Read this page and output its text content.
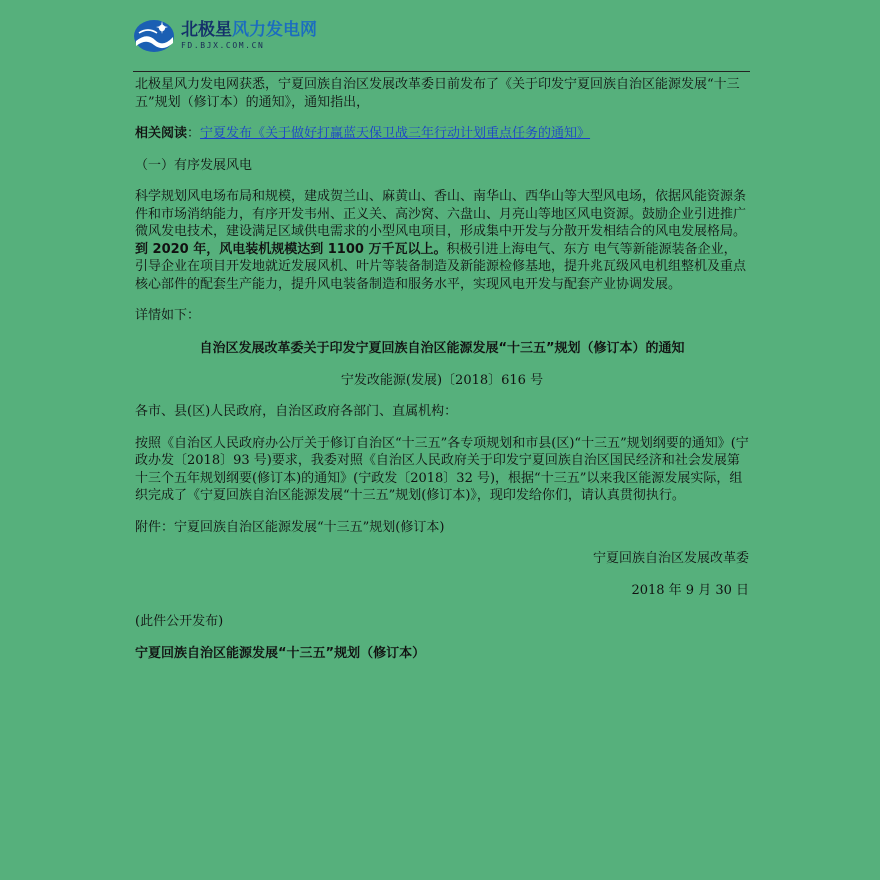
北极星风力发电网
FD.BJX.COM.CN

北极星风力发电网获悉，宁夏回族自治区发展改革委日前发布了《关于印发宁夏回族自治区能源发展“十三五”规划（修订本）的通知》，通知指出，

相关阅读：宁夏发布《关于做好打赢蓝天保卫战三年行动计划重点任务的通知》

（一）有序发展风电

科学规划风电场布局和规模，建成贺兰山、麻黄山、香山、南华山、西华山等大型风电场，依据风能资源条件和市场消纳能力，有序开发韦州、正义关、高沙窝、六盘山、月亮山等地区风电资源。鼓励企业引进推广微风发电技术，建设满足区域供电需求的小型风电项目，形成集中开发与分散开发相结合的风电发展格局。到 2020 年，风电装机规模达到 1100 万千瓦以上。积极引进上海电气、东方 电气等新能源装备企业，引导企业在项目开发地就近发展风机、叶片等装备制造及新能源检修基地，提升兆瓦级风电机组整机及重点核心部件的配套生产能力，提升风电装备制造和服务水平，实现风电开发与配套产业协调发展。

详情如下：

自治区发展改革委关于印发宁夏回族自治区能源发展“十三五”规划（修订本）的通知

宁发改能源(发展)〔2018〕616 号

各市、县(区)人民政府，自治区政府各部门、直属机构：

按照《自治区人民政府办公厅关于修订自治区“十三五”各专项规划和市县(区)“十三五”规划纲要的通知》(宁政办发〔2018〕93 号)要求，我委对照《自治区人民政府关于印发宁夏回族自治区国民经济和社会发展第十三个五年规划纲要(修订本)的通知》(宁政发〔2018〕32 号)，根据“十三五”以来我区能源发展实际，组织完成了《宁夏回族自治区能源发展“十三五”规划(修订本)》，现印发给你们，请认真贯彻执行。

附件：宁夏回族自治区能源发展“十三五”规划(修订本)

宁夏回族自治区发展改革委

2018 年 9 月 30 日

(此件公开发布)

宁夏回族自治区能源发展“十三五”规划（修订本）
